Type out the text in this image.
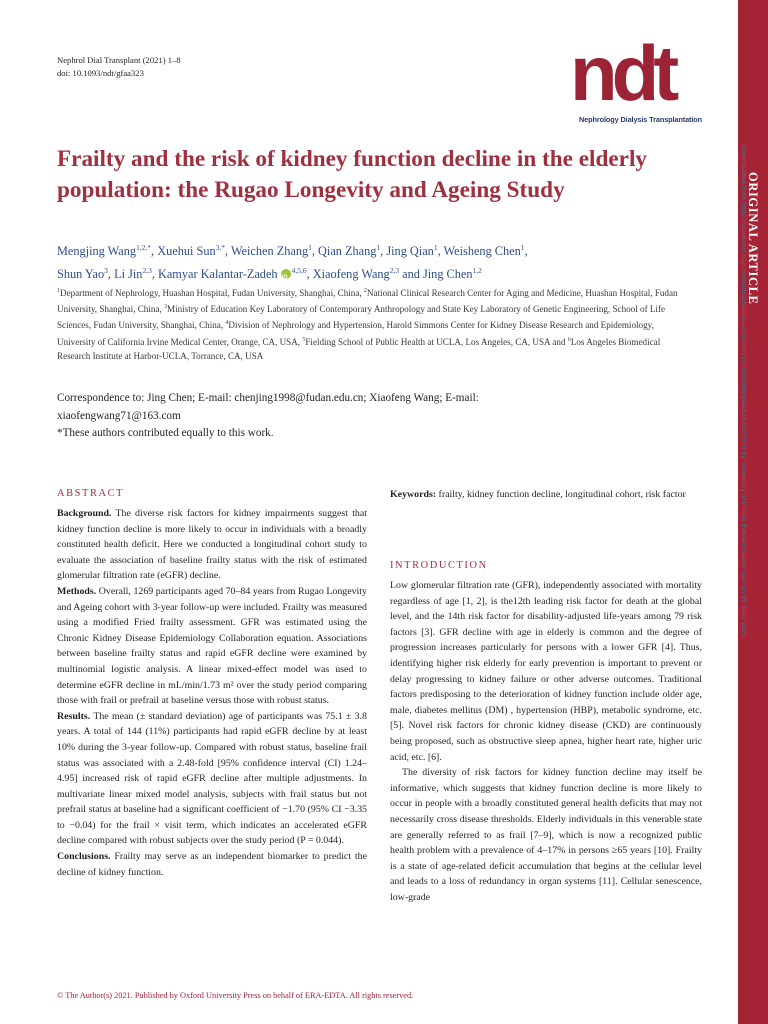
Nephrol Dial Transplant (2021) 1–8
doi: 10.1093/ndt/gfaa323	ndt
Nephrology Dialysis Transplantation
ORIGINAL ARTICLE
Downloaded from https://academic.oup.com/ndt/advance-article/doi/10.1093/ndt/gfaa323/6127570 by University of Prince Edward Island user on 05 June 2021
Frailty and the risk of kidney function decline in the elderly population: the Rugao Longevity and Ageing Study
Mengjing Wang$^{1,2,*}$, Xuehui Sun$^{3,*}$, Weichen Zhang$^1$, Qian Zhang$^1$, Jing Qian$^1$, Weisheng Chen$^1$,
Shun Yao$^3$, Li Jin$^{2,3}$, Kamyar Kalantar-ZadehiD $^{4,5,6}$, Xiaofeng Wang$^{2,3}$ and Jing Chen$^{1,2}$
$^1$Department of Nephrology, Huashan Hospital, Fudan University, Shanghai, China, $^2$National Clinical Research Center for Aging and Medicine, Huashan Hospital, Fudan University, Shanghai, China, $^3$Ministry of Education Key Laboratory of Contemporary Anthropology and State Key Laboratory of Genetic Engineering, School of Life Sciences, Fudan University, Shanghai, China, $^4$Division of Nephrology and Hypertension, Harold Simmons Center for Kidney Disease Research and Epidemiology, University of California Irvine Medical Center, Orange, CA, USA, $^5$Fielding School of Public Health at UCLA, Los Angeles, CA, USA and $^6$Los Angeles Biomedical Research Institute at Harbor-UCLA, Torrance, CA, USA
Correspondence to: Jing Chen; E-mail: chenjing1998@fudan.edu.cn; Xiaofeng Wang; E-mail:
xiaofengwang71@163.com
*These authors contributed equally to this work.
ABSTRACT

Background. The diverse risk factors for kidney impairments suggest that kidney function decline is more likely to occur in individuals with a broadly constituted health deficit. Here we conducted a longitudinal cohort study to evaluate the association of baseline frailty status with the risk of estimated glomerular filtration rate (eGFR) decline.

Methods. Overall, 1269 participants aged 70–84 years from Rugao Longevity and Ageing cohort with 3-year follow-up were included. Frailty was measured using a modified Fried frailty assessment. GFR was estimated using the Chronic Kidney Disease Epidemiology Collaboration equation. Associations between baseline frailty status and rapid eGFR decline were examined by multinomial logistic analysis. A linear mixed-effect model was used to determine eGFR decline in mL/min/1.73 m² over the study period comparing those with frail or prefrail at baseline versus those with robust status.

Results. The mean (± standard deviation) age of participants was 75.1 ± 3.8 years. A total of 144 (11%) participants had rapid eGFR decline by at least 10% during the 3-year follow-up. Compared with robust status, baseline frail status was associated with a 2.48-fold [95% confidence interval (CI) 1.24–4.95] increased risk of rapid eGFR decline after multiple adjustments. In multivariate linear mixed model analysis, subjects with frail status but not prefrail status at baseline had a significant coefficient of −1.70 (95% CI −3.35 to −0.04) for the frail × visit term, which indicates an accelerated eGFR decline compared with robust subjects over the study period (P = 0.044).

Conclusions. Frailty may serve as an independent biomarker to predict the decline of kidney function.

Keywords: frailty, kidney function decline, longitudinal cohort, risk factor
INTRODUCTION

Low glomerular filtration rate (GFR), independently associated with mortality regardless of age [1, 2], is the12th leading risk factor for death at the global level, and the 14th risk factor for disability-adjusted life-years among 79 risk factors [3]. GFR decline with age in elderly is common and the degree of progression increases particularly for persons with a lower GFR [4]. Thus, identifying higher risk elderly for early prevention is important to prevent or delay progressing to kidney failure or other adverse outcomes. Traditional factors predisposing to the deterioration of kidney function include older age, male, diabetes mellitus (DM) , hypertension (HBP), metabolic syndrome, etc. [5]. Novel risk factors for chronic kidney disease (CKD) are continuously being proposed, such as obstructive sleep apnea, higher heart rate, higher uric acid, etc. [6].

The diversity of risk factors for kidney function decline may itself be informative, which suggests that kidney function decline is more likely to occur in people with a broadly constituted general health deficits that may not necessarily cross disease thresholds. Elderly individuals in this venerable state are generally referred to as frail [7–9], which is now a recognized public health problem with a prevalence of 4–17% in persons ≥65 years [10]. Frailty is a state of age-related deficit accumulation that begins at the cellular level and leads to a loss of redundancy in organ systems [11]. Cellular senescence, low-grade

© The Author(s) 2021. Published by Oxford University Press on behalf of ERA-EDTA. All rights reserved.
